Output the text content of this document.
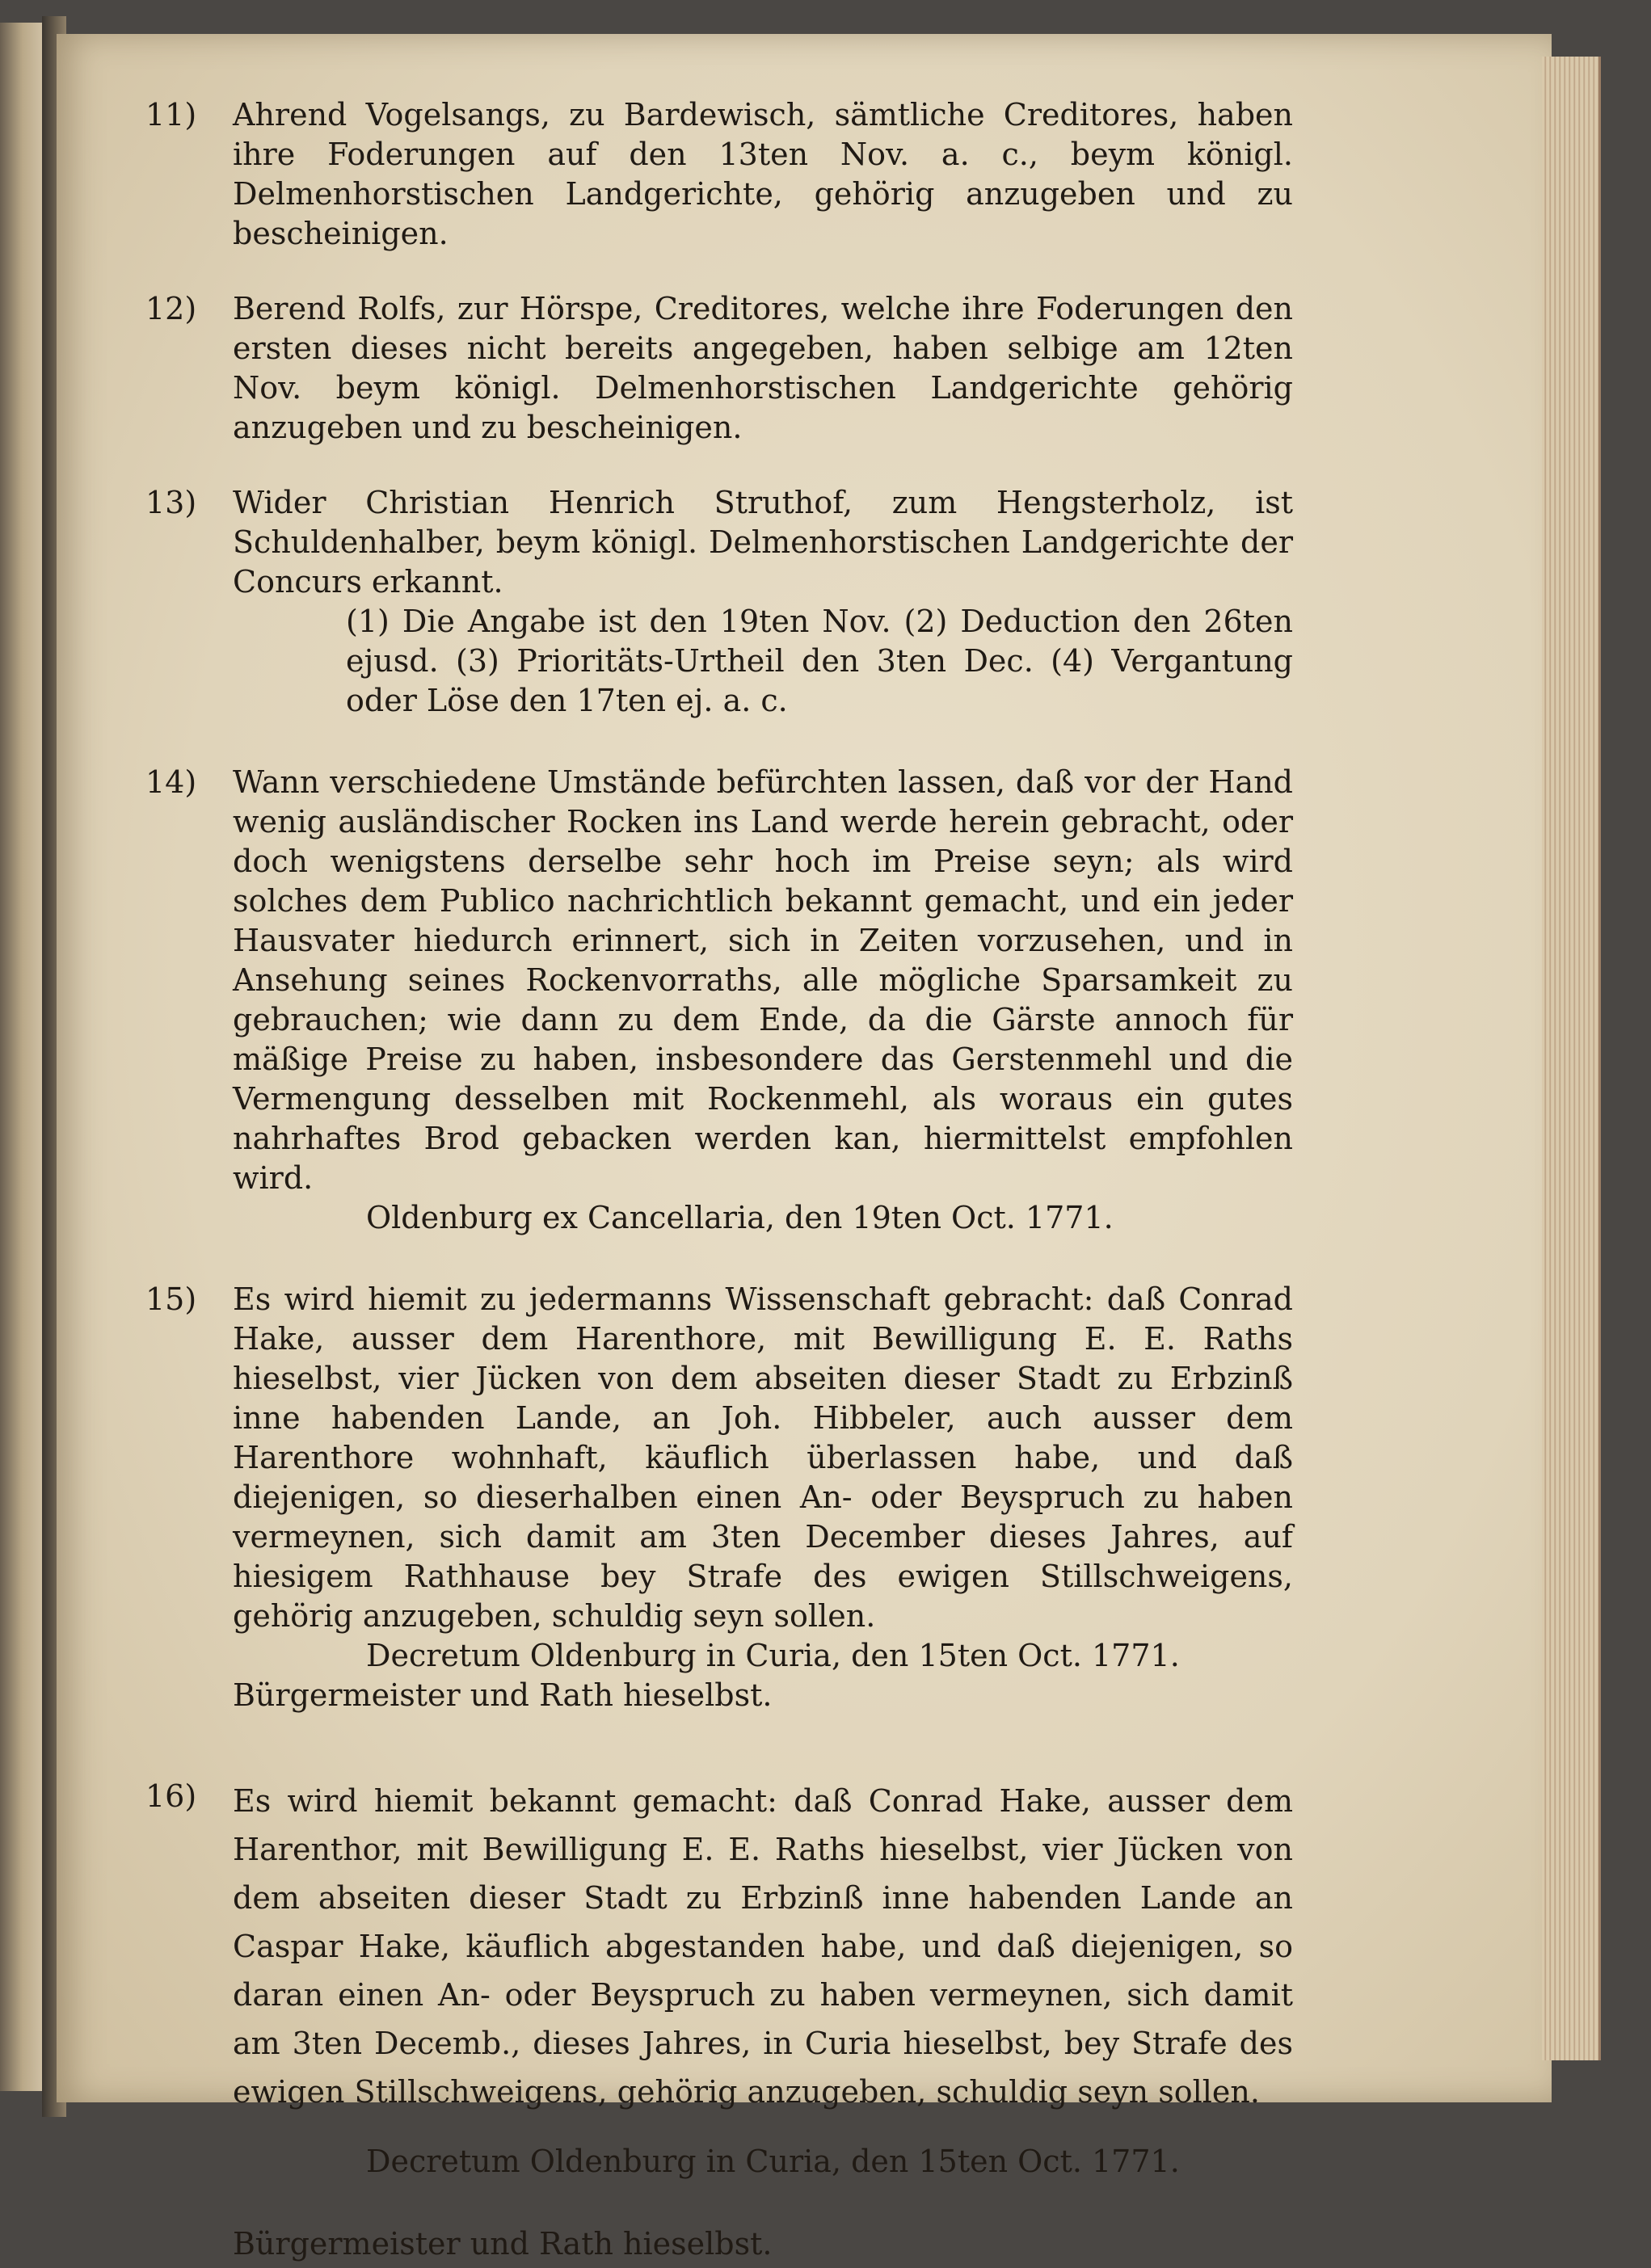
11)	Ahrend Vogelsangs, zu Bardewisch, sämtliche Creditores, haben ihre Foderungen auf den 13ten Nov. a. c., beym königl. Delmenhorstischen Landgerichte, gehörig anzugeben und zu bescheinigen.

12)	Berend Rolfs, zur Hörspe, Creditores, welche ihre Foderungen den ersten dieses nicht bereits angegeben, haben selbige am 12ten Nov. beym königl. Delmenhorstischen Landgerichte gehörig anzugeben und zu bescheinigen.

13)	Wider Christian Henrich Struthof, zum Hengsterholz, ist Schuldenhalber, beym königl. Delmenhorstischen Landgerichte der Concurs erkannt.

(1) Die Angabe ist den 19ten Nov. (2) Deduction den 26ten ejusd. (3) Prioritäts-Urtheil den 3ten Dec. (4) Vergantung oder Löse den 17ten ej. a. c.

14)	Wann verschiedene Umstände befürchten lassen, daß vor der Hand wenig ausländischer Rocken ins Land werde herein gebracht, oder doch wenigstens derselbe sehr hoch im Preise seyn; als wird solches dem Publico nachrichtlich bekannt gemacht, und ein jeder Hausvater hiedurch erinnert, sich in Zeiten vorzusehen, und in Ansehung seines Rockenvorraths, alle mögliche Sparsamkeit zu gebrauchen; wie dann zu dem Ende, da die Gärste annoch für mäßige Preise zu haben, insbesondere das Gerstenmehl und die Vermengung desselben mit Rockenmehl, als woraus ein gutes nahrhaftes Brod gebacken werden kan, hiermittelst empfohlen wird.

Oldenburg ex Cancellaria, den 19ten Oct. 1771.

15)	Es wird hiemit zu jedermanns Wissenschaft gebracht: daß Conrad Hake, ausser dem Harenthore, mit Bewilligung E. E. Raths hieselbst, vier Jücken von dem abseiten dieser Stadt zu Erbzinß inne habenden Lande, an Joh. Hibbeler, auch ausser dem Harenthore wohnhaft, käuflich überlassen habe, und daß diejenigen, so dieserhalben einen An- oder Beyspruch zu haben vermeynen, sich damit am 3ten December dieses Jahres, auf hiesigem Rathhause bey Strafe des ewigen Stillschweigens, gehörig anzugeben, schuldig seyn sollen.

Decretum Oldenburg in Curia, den 15ten Oct. 1771.

Bürgermeister und Rath hieselbst.

16)	Es wird hiemit bekannt gemacht: daß Conrad Hake, ausser dem Harenthor, mit Bewilligung E. E. Raths hieselbst, vier Jücken von dem abseiten dieser Stadt zu Erbzinß inne habenden Lande an Caspar Hake, käuflich abgestanden habe, und daß diejenigen, so daran einen An- oder Beyspruch zu haben vermeynen, sich damit am 3ten Decemb., dieses Jahres, in Curia hieselbst, bey Strafe des ewigen Stillschweigens, gehörig anzugeben, schuldig seyn sollen.

Decretum Oldenburg in Curia, den 15ten Oct. 1771.

Bürgermeister und Rath hieselbst.
